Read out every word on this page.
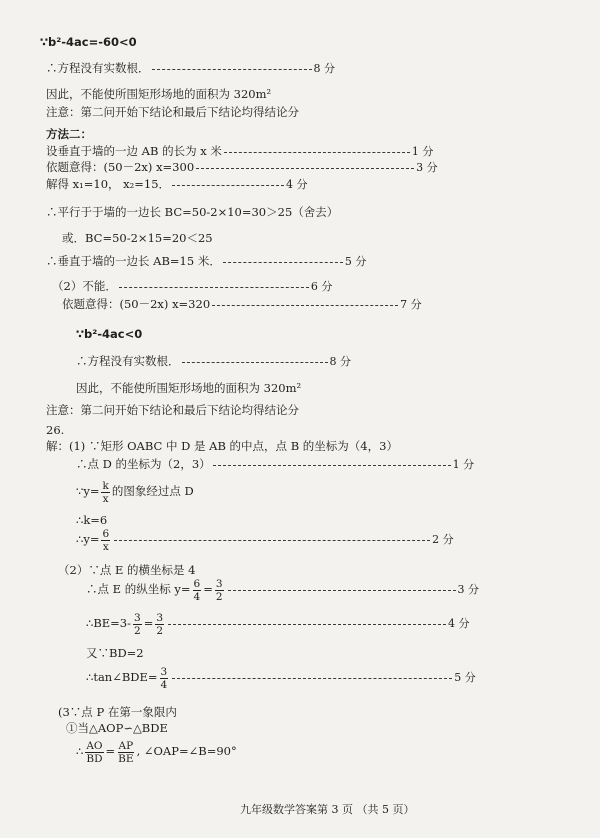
∵b²-4ac=-60<0
∴方程没有实数根．	8 分
因此，不能使所围矩形场地的面积为 320m²
注意：第二问开始下结论和最后下结论均得结论分
方法二：
设垂直于墙的一边 AB 的长为 x 米	1 分
依题意得：(50－2x) x=300	3 分
解得 x₁=10， x₂=15．	4 分
∴平行于于墙的一边长 BC=50-2×10=30＞25（舍去）
或．BC=50-2×15=20＜25
∴垂直于墙的一边长 AB=15 米．	5 分
（2）不能．	6 分
依题意得：(50－2x) x=320	7 分
∵b²-4ac<0
∴方程没有实数根．	8 分
因此，不能使所围矩形场地的面积为 320m²
注意：第二问开始下结论和最后下结论均得结论分
26.
解：(1) ∵矩形 OABC 中 D 是 AB 的中点，点 B 的坐标为（4，3）
∴点 D 的坐标为（2，3）	1 分
∵y= $\frac{k}{x}$ 的图象经过点 D
∴k=6
∴y= $\frac{6}{x}$	2 分
（2）∵点 E 的横坐标是 4
∴点 E 的纵坐标 $y= \frac{6}{4} = \frac{3}{2}$	3 分
∴BE=3- $\frac{3}{2} = \frac{3}{2}$	4 分
又∵BD=2
∴tan∠BDE= $\frac{3}{4}$	5 分
(3∵点 P 在第一象限内
①当△AOP∽△BDE
∴ $\frac{AO}{BD} = \frac{AP}{BE}$ , ∠OAP=∠B=90°
九年级数学答案第 3 页 （共 5 页）
